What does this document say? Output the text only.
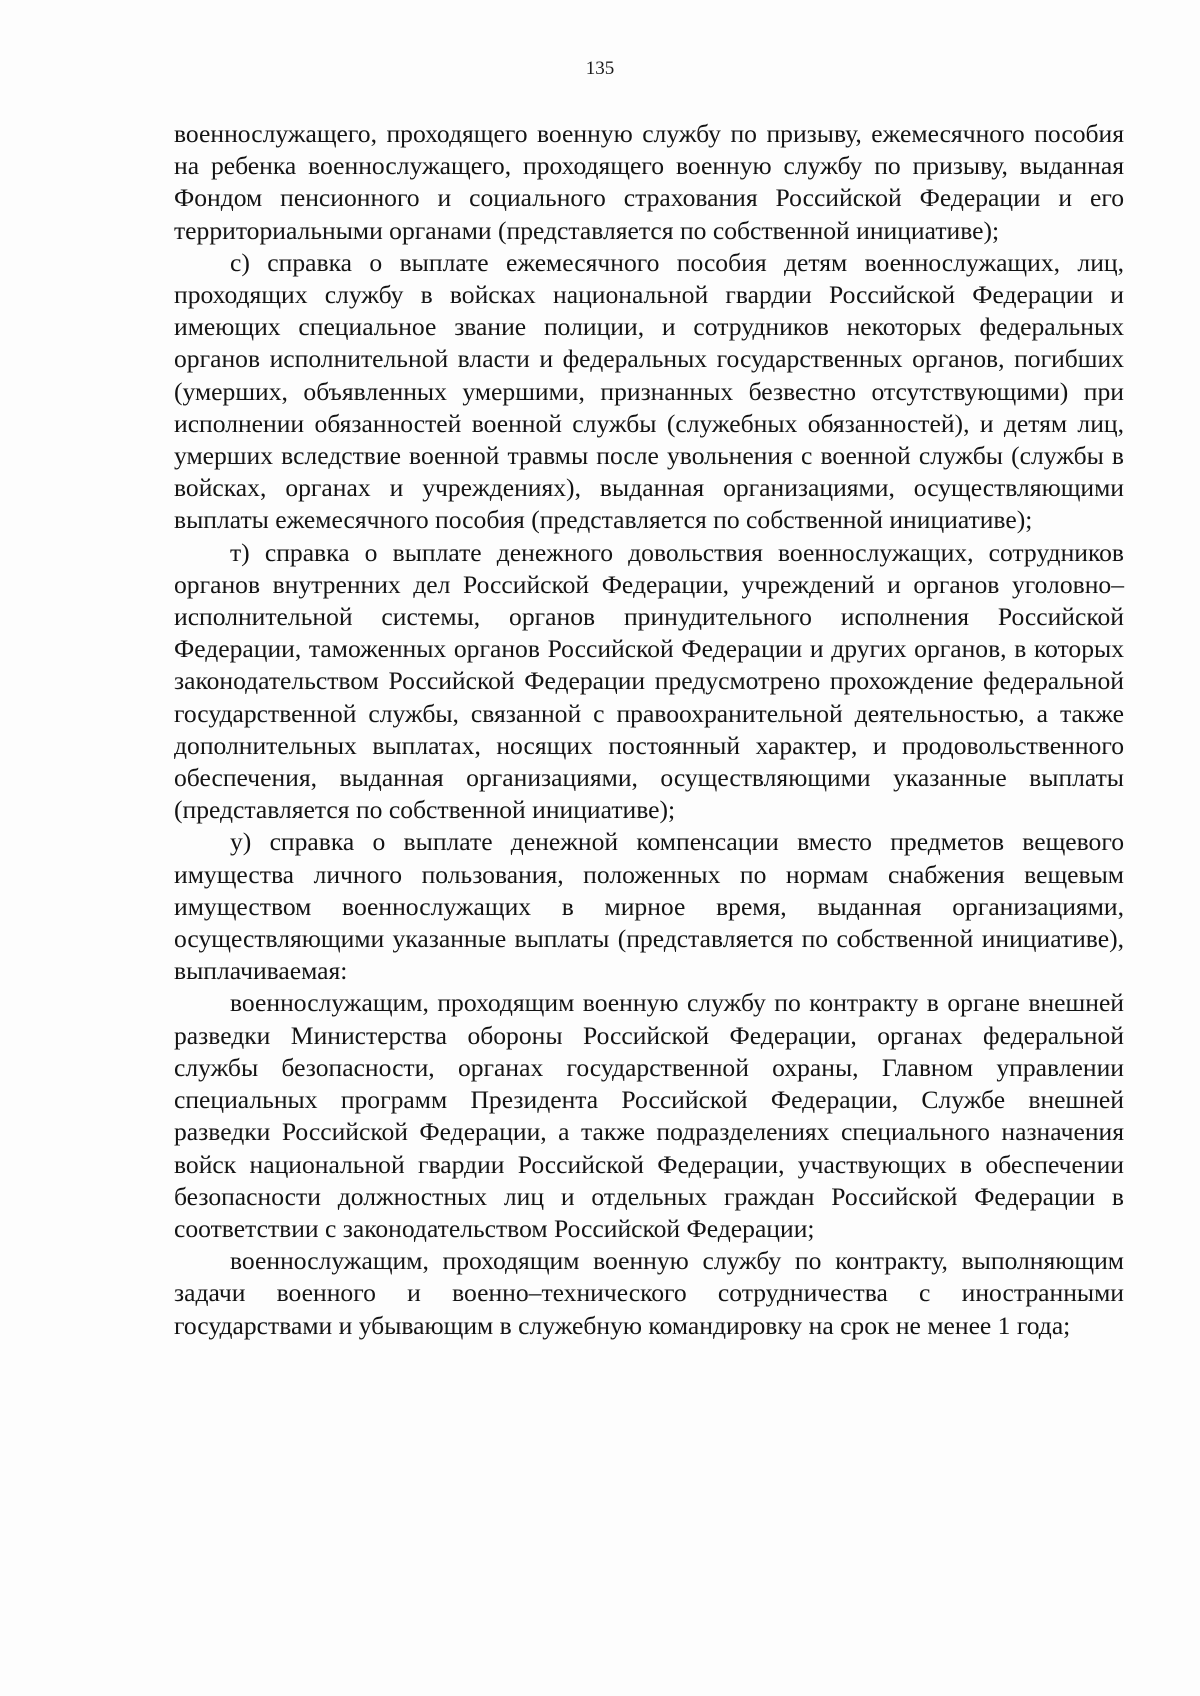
135

военнослужащего, проходящего военную службу по призыву, ежемесячного пособия на ребенка военнослужащего, проходящего военную службу по призыву, выданная Фондом пенсионного и социального страхования Российской Федерации и его территориальными органами (представляется по собственной инициативе);

с) справка о выплате ежемесячного пособия детям военнослужащих, лиц, проходящих службу в войсках национальной гвардии Российской Федерации и имеющих специальное звание полиции, и сотрудников некоторых федеральных органов исполнительной власти и федеральных государственных органов, погибших (умерших, объявленных умершими, признанных безвестно отсутствующими) при исполнении обязанностей военной службы (служебных обязанностей), и детям лиц, умерших вследствие военной травмы после увольнения с военной службы (службы в войсках, органах и учреждениях), выданная организациями, осуществляющими выплаты ежемесячного пособия (представляется по собственной инициативе);

т) справка о выплате денежного довольствия военнослужащих, сотрудников органов внутренних дел Российской Федерации, учреждений и органов уголовно–исполнительной системы, органов принудительного исполнения Российской Федерации, таможенных органов Российской Федерации и других органов, в которых законодательством Российской Федерации предусмотрено прохождение федеральной государственной службы, связанной с правоохранительной деятельностью, а также дополнительных выплатах, носящих постоянный характер, и продовольственного обеспечения, выданная организациями, осуществляющими указанные выплаты (представляется по собственной инициативе);

у) справка о выплате денежной компенсации вместо предметов вещевого имущества личного пользования, положенных по нормам снабжения вещевым имуществом военнослужащих в мирное время, выданная организациями, осуществляющими указанные выплаты (представляется по собственной инициативе), выплачиваемая:

военнослужащим, проходящим военную службу по контракту в органе внешней разведки Министерства обороны Российской Федерации, органах федеральной службы безопасности, органах государственной охраны, Главном управлении специальных программ Президента Российской Федерации, Службе внешней разведки Российской Федерации, а также подразделениях специального назначения войск национальной гвардии Российской Федерации, участвующих в обеспечении безопасности должностных лиц и отдельных граждан Российской Федерации в соответствии с законодательством Российской Федерации;

военнослужащим, проходящим военную службу по контракту, выполняющим задачи военного и военно–технического сотрудничества с иностранными государствами и убывающим в служебную командировку на срок не менее 1 года;
